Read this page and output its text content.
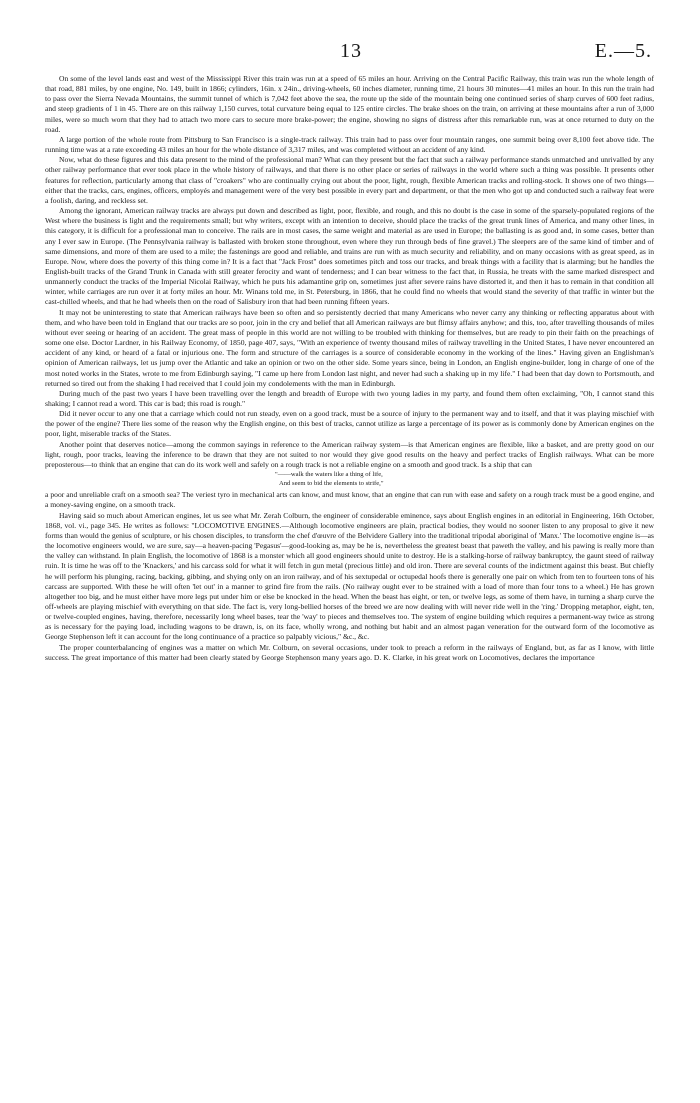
13	E.—5.

On some of the level lands east and west of the Mississippi River this train was run at a speed of 65 miles an hour. Arriving on the Central Pacific Railway, this train was run the whole length of that road, 881 miles, by one engine, No. 149, built in 1866; cylinders, 16in. x 24in., driving-wheels, 60 inches diameter, running time, 21 hours 30 minutes—41 miles an hour. In this run the train had to pass over the Sierra Nevada Mountains, the summit tunnel of which is 7,042 feet above the sea, the route up the side of the mountain being one continued series of sharp curves of 600 feet radius, and steep gradients of 1 in 45. There are on this railway 1,150 curves, total curvature being equal to 125 entire circles. The brake shoes on the train, on arriving at these mountains after a run of 3,000 miles, were so much worn that they had to attach two more cars to secure more brake-power; the engine, showing no signs of distress after this remarkable run, was at once returned to duty on the road.

A large portion of the whole route from Pittsburg to San Francisco is a single-track railway. This train had to pass over four mountain ranges, one summit being over 8,100 feet above tide. The running time was at a rate exceeding 43 miles an hour for the whole distance of 3,317 miles, and was completed without an accident of any kind.

Now, what do these figures and this data present to the mind of the professional man? What can they present but the fact that such a railway performance stands unmatched and unrivalled by any other railway performance that ever took place in the whole history of railways, and that there is no other place or series of railways in the world where such a thing was possible. It presents other features for reflection, particularly among that class of "croakers" who are continually crying out about the poor, light, rough, flexible American tracks and rolling-stock. It shows one of two things—either that the tracks, cars, engines, officers, employés and management were of the very best possible in every part and department, or that the men who got up and conducted such a railway feat were a foolish, daring, and reckless set.

Among the ignorant, American railway tracks are always put down and described as light, poor, flexible, and rough, and this no doubt is the case in some of the sparsely-populated regions of the West where the business is light and the requirements small; but why writers, except with an intention to deceive, should place the tracks of the great trunk lines of America, and many other lines, in this category, it is difficult for a professional man to conceive. The rails are in most cases, the same weight and material as are used in Europe; the ballasting is as good and, in some cases, better than any I ever saw in Europe. (The Pennsylvania railway is ballasted with broken stone throughout, even where they run through beds of fine gravel.) The sleepers are of the same kind of timber and of same dimensions, and more of them are used to a mile; the fastenings are good and reliable, and trains are run with as much security and reliability, and on many occasions with as great speed, as in Europe. Now, where does the poverty of this thing come in? It is a fact that "Jack Frost" does sometimes pitch and toss our tracks, and break things with a facility that is alarming; but he handles the English-built tracks of the Grand Trunk in Canada with still greater ferocity and want of tenderness; and I can bear witness to the fact that, in Russia, he treats with the same marked disrespect and unmannerly conduct the tracks of the Imperial Nicolai Railway, which he puts his adamantine grip on, sometimes just after severe rains have distorted it, and then it has to remain in that condition all winter, while carriages are run over it at forty miles an hour. Mr. Winans told me, in St. Petersburg, in 1866, that he could find no wheels that would stand the severity of that traffic in winter but the cast-chilled wheels, and that he had wheels then on the road of Salisbury iron that had been running fifteen years.

It may not be uninteresting to state that American railways have been so often and so persistently decried that many Americans who never carry any thinking or reflecting apparatus about with them, and who have been told in England that our tracks are so poor, join in the cry and belief that all American railways are but flimsy affairs anyhow; and this, too, after travelling thousands of miles without ever seeing or hearing of an accident. The great mass of people in this world are not willing to be troubled with thinking for themselves, but are ready to pin their faith on the preachings of some one else. Doctor Lardner, in his Railway Economy, of 1850, page 407, says, "With an experience of twenty thousand miles of railway travelling in the United States, I have never encountered an accident of any kind, or heard of a fatal or injurious one. The form and structure of the carriages is a source of considerable economy in the working of the lines." Having given an Englishman's opinion of American railways, let us jump over the Atlantic and take an opinion or two on the other side. Some years since, being in London, an English engine-builder, long in charge of one of the most noted works in the States, wrote to me from Edinburgh saying, "I came up here from London last night, and never had such a shaking up in my life." I had been that day down to Portsmouth, and returned so tired out from the shaking I had received that I could join my condolements with the man in Edinburgh.

During much of the past two years I have been travelling over the length and breadth of Europe with two young ladies in my party, and found them often exclaiming, "Oh, I cannot stand this shaking; I cannot read a word. This car is bad; this road is rough."

Did it never occur to any one that a carriage which could not run steady, even on a good track, must be a source of injury to the permanent way and to itself, and that it was playing mischief with the power of the engine? There lies some of the reason why the English engine, on this best of tracks, cannot utilize as large a percentage of its power as is commonly done by American engines on the poor, light, miserable tracks of the States.

Another point that deserves notice—among the common sayings in reference to the American railway system—is that American engines are flexible, like a basket, and are pretty good on our light, rough, poor tracks, leaving the inference to be drawn that they are not suited to nor would they give good results on the heavy and perfect tracks of English railways. What can be more preposterous—to think that an engine that can do its work well and safely on a rough track is not a reliable engine on a smooth and good track. Is a ship that can

"——walk the waters like a thing of life,
And seem to bid the elements to strife,"

a poor and unreliable craft on a smooth sea? The veriest tyro in mechanical arts can know, and must know, that an engine that can run with ease and safety on a rough track must be a good engine, and a money-saving engine, on a smooth track.

Having said so much about American engines, let us see what Mr. Zerah Colburn, the engineer of considerable eminence, says about English engines in an editorial in Engineering, 16th October, 1868, vol. vi., page 345. He writes as follows: "LOCOMOTIVE ENGINES.—Although locomotive engineers are plain, practical bodies, they would no sooner listen to any proposal to give it new forms than would the genius of sculpture, or his chosen disciples, to transform the chef d'œuvre of the Belvidere Gallery into the traditional tripodal aboriginal of 'Manx.' The locomotive engine is—as the locomotive engineers would, we are sure, say—a heaven-pacing 'Pegasus'—good-looking as, may be he is, nevertheless the greatest beast that paweth the valley, and his pawing is really more than the valley can withstand. In plain English, the locomotive of 1868 is a monster which all good engineers should unite to destroy. He is a stalking-horse of railway bankruptcy, the gaunt steed of railway ruin. It is time he was off to the 'Knackers,' and his carcass sold for what it will fetch in gun metal (precious little) and old iron. There are several counts of the indictment against this beast. But chiefly he will perform his plunging, racing, backing, gibbing, and shying only on an iron railway, and of his sextupedal or octupedal hoofs there is generally one pair on which from ten to fourteen tons of his carcass are supported. With these he will often 'let out' in a manner to grind fire from the rails. (No railway ought ever to be strained with a load of more than four tons to a wheel.) He has grown altogether too big, and he must either have more legs put under him or else be knocked in the head. When the beast has eight, or ten, or twelve legs, as some of them have, in turning a sharp curve the off-wheels are playing mischief with everything on that side. The fact is, very long-bellied horses of the breed we are now dealing with will never ride well in the 'ring.' Dropping metaphor, eight, ten, or twelve-coupled engines, having, therefore, necessarily long wheel bases, tear the 'way' to pieces and themselves too. The system of engine building which requires a permanent-way twice as strong as is necessary for the paying load, including wagons to be drawn, is, on its face, wholly wrong, and nothing but habit and an almost pagan veneration for the outward form of the locomotive as George Stephenson left it can account for the long continuance of a practice so palpably vicious," &c., &c.

The proper counterbalancing of engines was a matter on which Mr. Colburn, on several occasions, under took to preach a reform in the railways of England, but, as far as I know, with little success. The great importance of this matter had been clearly stated by George Stephenson many years ago. D. K. Clarke, in his great work on Locomotives, declares the importance
